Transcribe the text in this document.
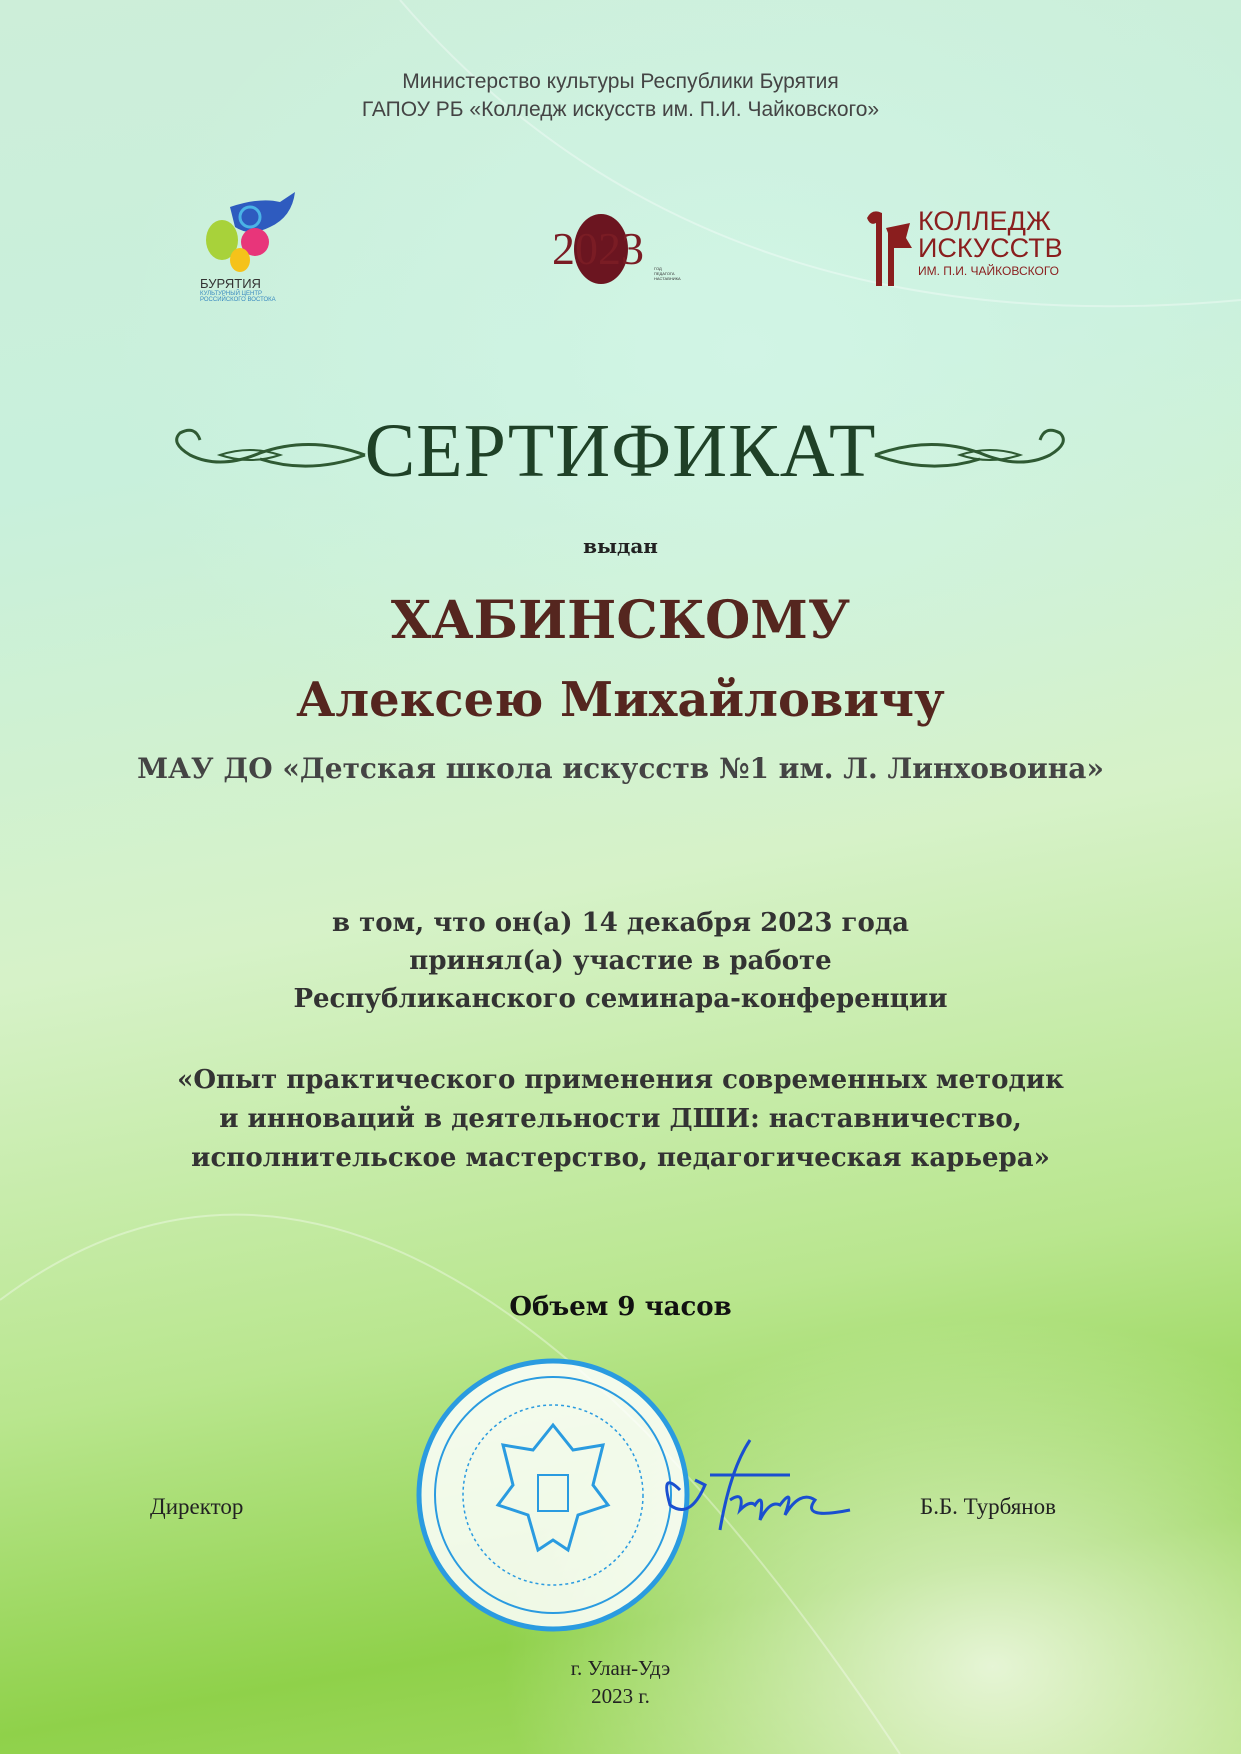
Министерство культуры Республики Бурятия
ГАПОУ РБ «Колледж искусств им. П.И. Чайковского»
БУРЯТИЯ
КУЛЬТУРНЫЙ ЦЕНТР
РОССИЙСКОГО ВОСТОКА
2023	ГОД
ПЕДАГОГА
НАСТАВНИКА
КОЛЛЕДЖ
ИСКУССТВ
ИМ. П.И. ЧАЙКОВСКОГО
СЕРТИФИКАТ
выдан
ХАБИНСКОМУ
Алексею Михайловичу
МАУ ДО «Детская школа искусств №1 им. Л. Линховоина»
в том, что он(а) 14 декабря 2023 года
принял(а) участие в работе
Республиканского семинара-конференции
«Опыт практического применения современных методик
и инноваций в деятельности ДШИ: наставничество,
исполнительское мастерство, педагогическая карьера»
Объем 9 часов
Директор	Б.Б. Турбянов
г. Улан-Удэ
2023 г.
